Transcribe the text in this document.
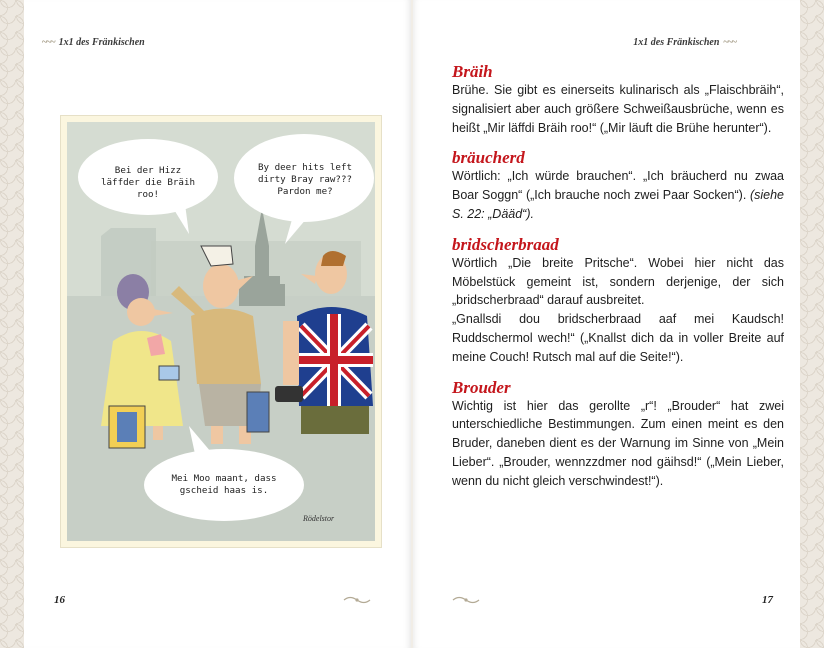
~~~ 1x1 des Fränkischen
Bei der Hizz
läffder die Bräih roo!
By deer hits left
dirty Bray raw???
Pardon me?
Mei Moo maant, dass
gscheid haas is.
Rödelstor
16
1x1 des Fränkischen ~~~

Bräih

Brühe. Sie gibt es einerseits kulinarisch als „Flaischbräih“, signalisiert aber auch größere Schweißausbrüche, wenn es heißt „Mir läffdi Bräih roo!“ („Mir läuft die Brühe herunter“).

bräucherd

Wörtlich: „Ich würde brauchen“. „Ich bräucherd nu zwaa Boar Soggn“ („Ich brauche noch zwei Paar Socken“). (siehe S. 22: „Dääd“).

bridscherbraad

Wörtlich „Die breite Pritsche“. Wobei hier nicht das Möbelstück gemeint ist, sondern derjenige, der sich „bridscherbraad“ darauf ausbreitet.

„Gnallsdi dou bridscherbraad aaf mei Kaudsch! Ruddschermol wech!“ („Knallst dich da in voller Breite auf meine Couch! Rutsch mal auf die Seite!“).

Brouder

Wichtig ist hier das gerollte „r“! „Brouder“ hat zwei unterschiedliche Bestimmungen. Zum einen meint es den Bruder, daneben dient es der Warnung im Sinne von „Mein Lieber“. „Brouder, wennzzdmer nod gäihsd!“ („Mein Lieber, wenn du nicht gleich verschwindest!“).

17
